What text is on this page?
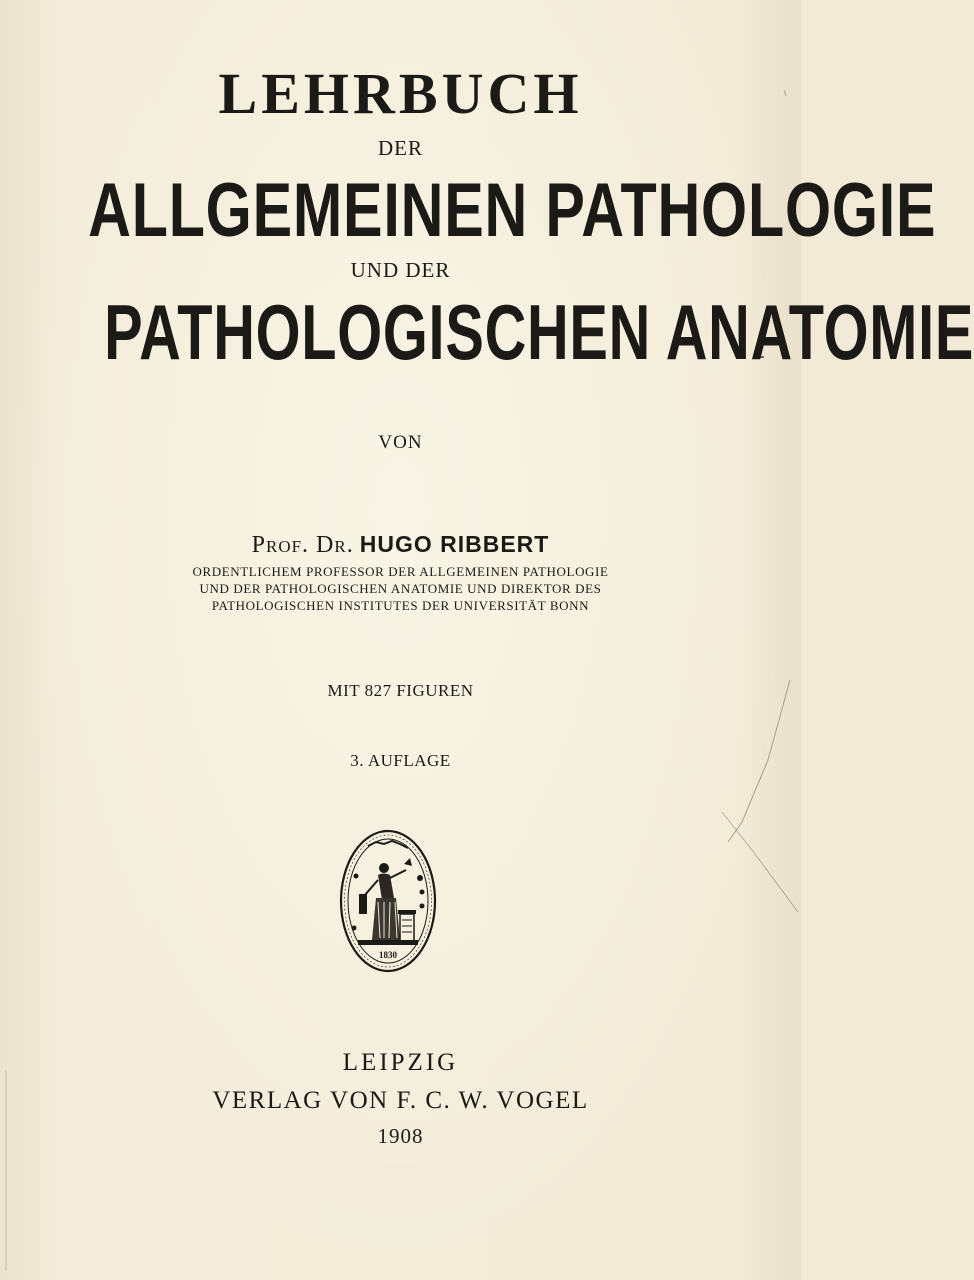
LEHRBUCH
DER
ALLGEMEINEN PATHOLOGIE
UND DER
PATHOLOGISCHEN ANATOMIE
VON
Prof. Dr. HUGO RIBBERT
ORDENTLICHEM PROFESSOR DER ALLGEMEINEN PATHOLOGIE
UND DER PATHOLOGISCHEN ANATOMIE UND DIREKTOR DES
PATHOLOGISCHEN INSTITUTES DER UNIVERSITÄT BONN
MIT 827 FIGUREN
3. AUFLAGE
1830
LEIPZIG
VERLAG VON F. C. W. VOGEL
1908
